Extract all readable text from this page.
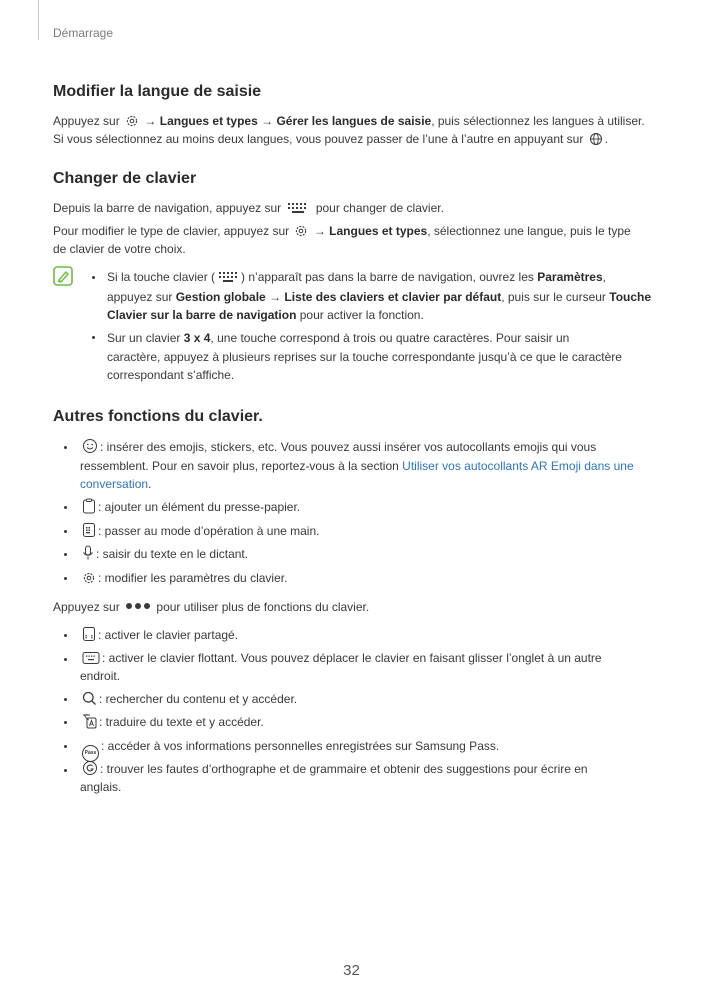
Démarrage
Modifier la langue de saisie
Appuyez sur → Langues et types → Gérer les langues de saisie, puis sélectionnez les langues à utiliser.
Si vous sélectionnez au moins deux langues, vous pouvez passer de l’une à l’autre en appuyant sur .
Changer de clavier
Depuis la barre de navigation, appuyez sur	pour changer de clavier.
Pour modifier le type de clavier, appuyez sur → Langues et types, sélectionnez une langue, puis le type
de clavier de votre choix.
Si la touche clavier ( ) n’apparaît pas dans la barre de navigation, ouvrez les Paramètres,
appuyez sur Gestion globale → Liste des claviers et clavier par défaut, puis sur le curseur Touche
Clavier sur la barre de navigation pour activer la fonction.
Sur un clavier 3 x 4, une touche correspond à trois ou quatre caractères. Pour saisir un
caractère, appuyez à plusieurs reprises sur la touche correspondante jusqu’à ce que le caractère
correspondant s’affiche.
Autres fonctions du clavier.
: insérer des emojis, stickers, etc. Vous pouvez aussi insérer vos autocollants emojis qui vous
ressemblent. Pour en savoir plus, reportez-vous à la section Utiliser vos autocollants AR Emoji dans une
conversation.
: ajouter un élément du presse-papier.
: passer au mode d’opération à une main.
: saisir du texte en le dictant.
: modifier les paramètres du clavier.
Appuyez sur	pour utiliser plus de fonctions du clavier.
: activer le clavier partagé.
: activer le clavier flottant. Vous pouvez déplacer le clavier en faisant glisser l’onglet à un autre
endroit.
: rechercher du contenu et y accéder.
: traduire du texte et y accéder.
Pass : accéder à vos informations personnelles enregistrées sur Samsung Pass.
: trouver les fautes d’orthographe et de grammaire et obtenir des suggestions pour écrire en
anglais.
32
